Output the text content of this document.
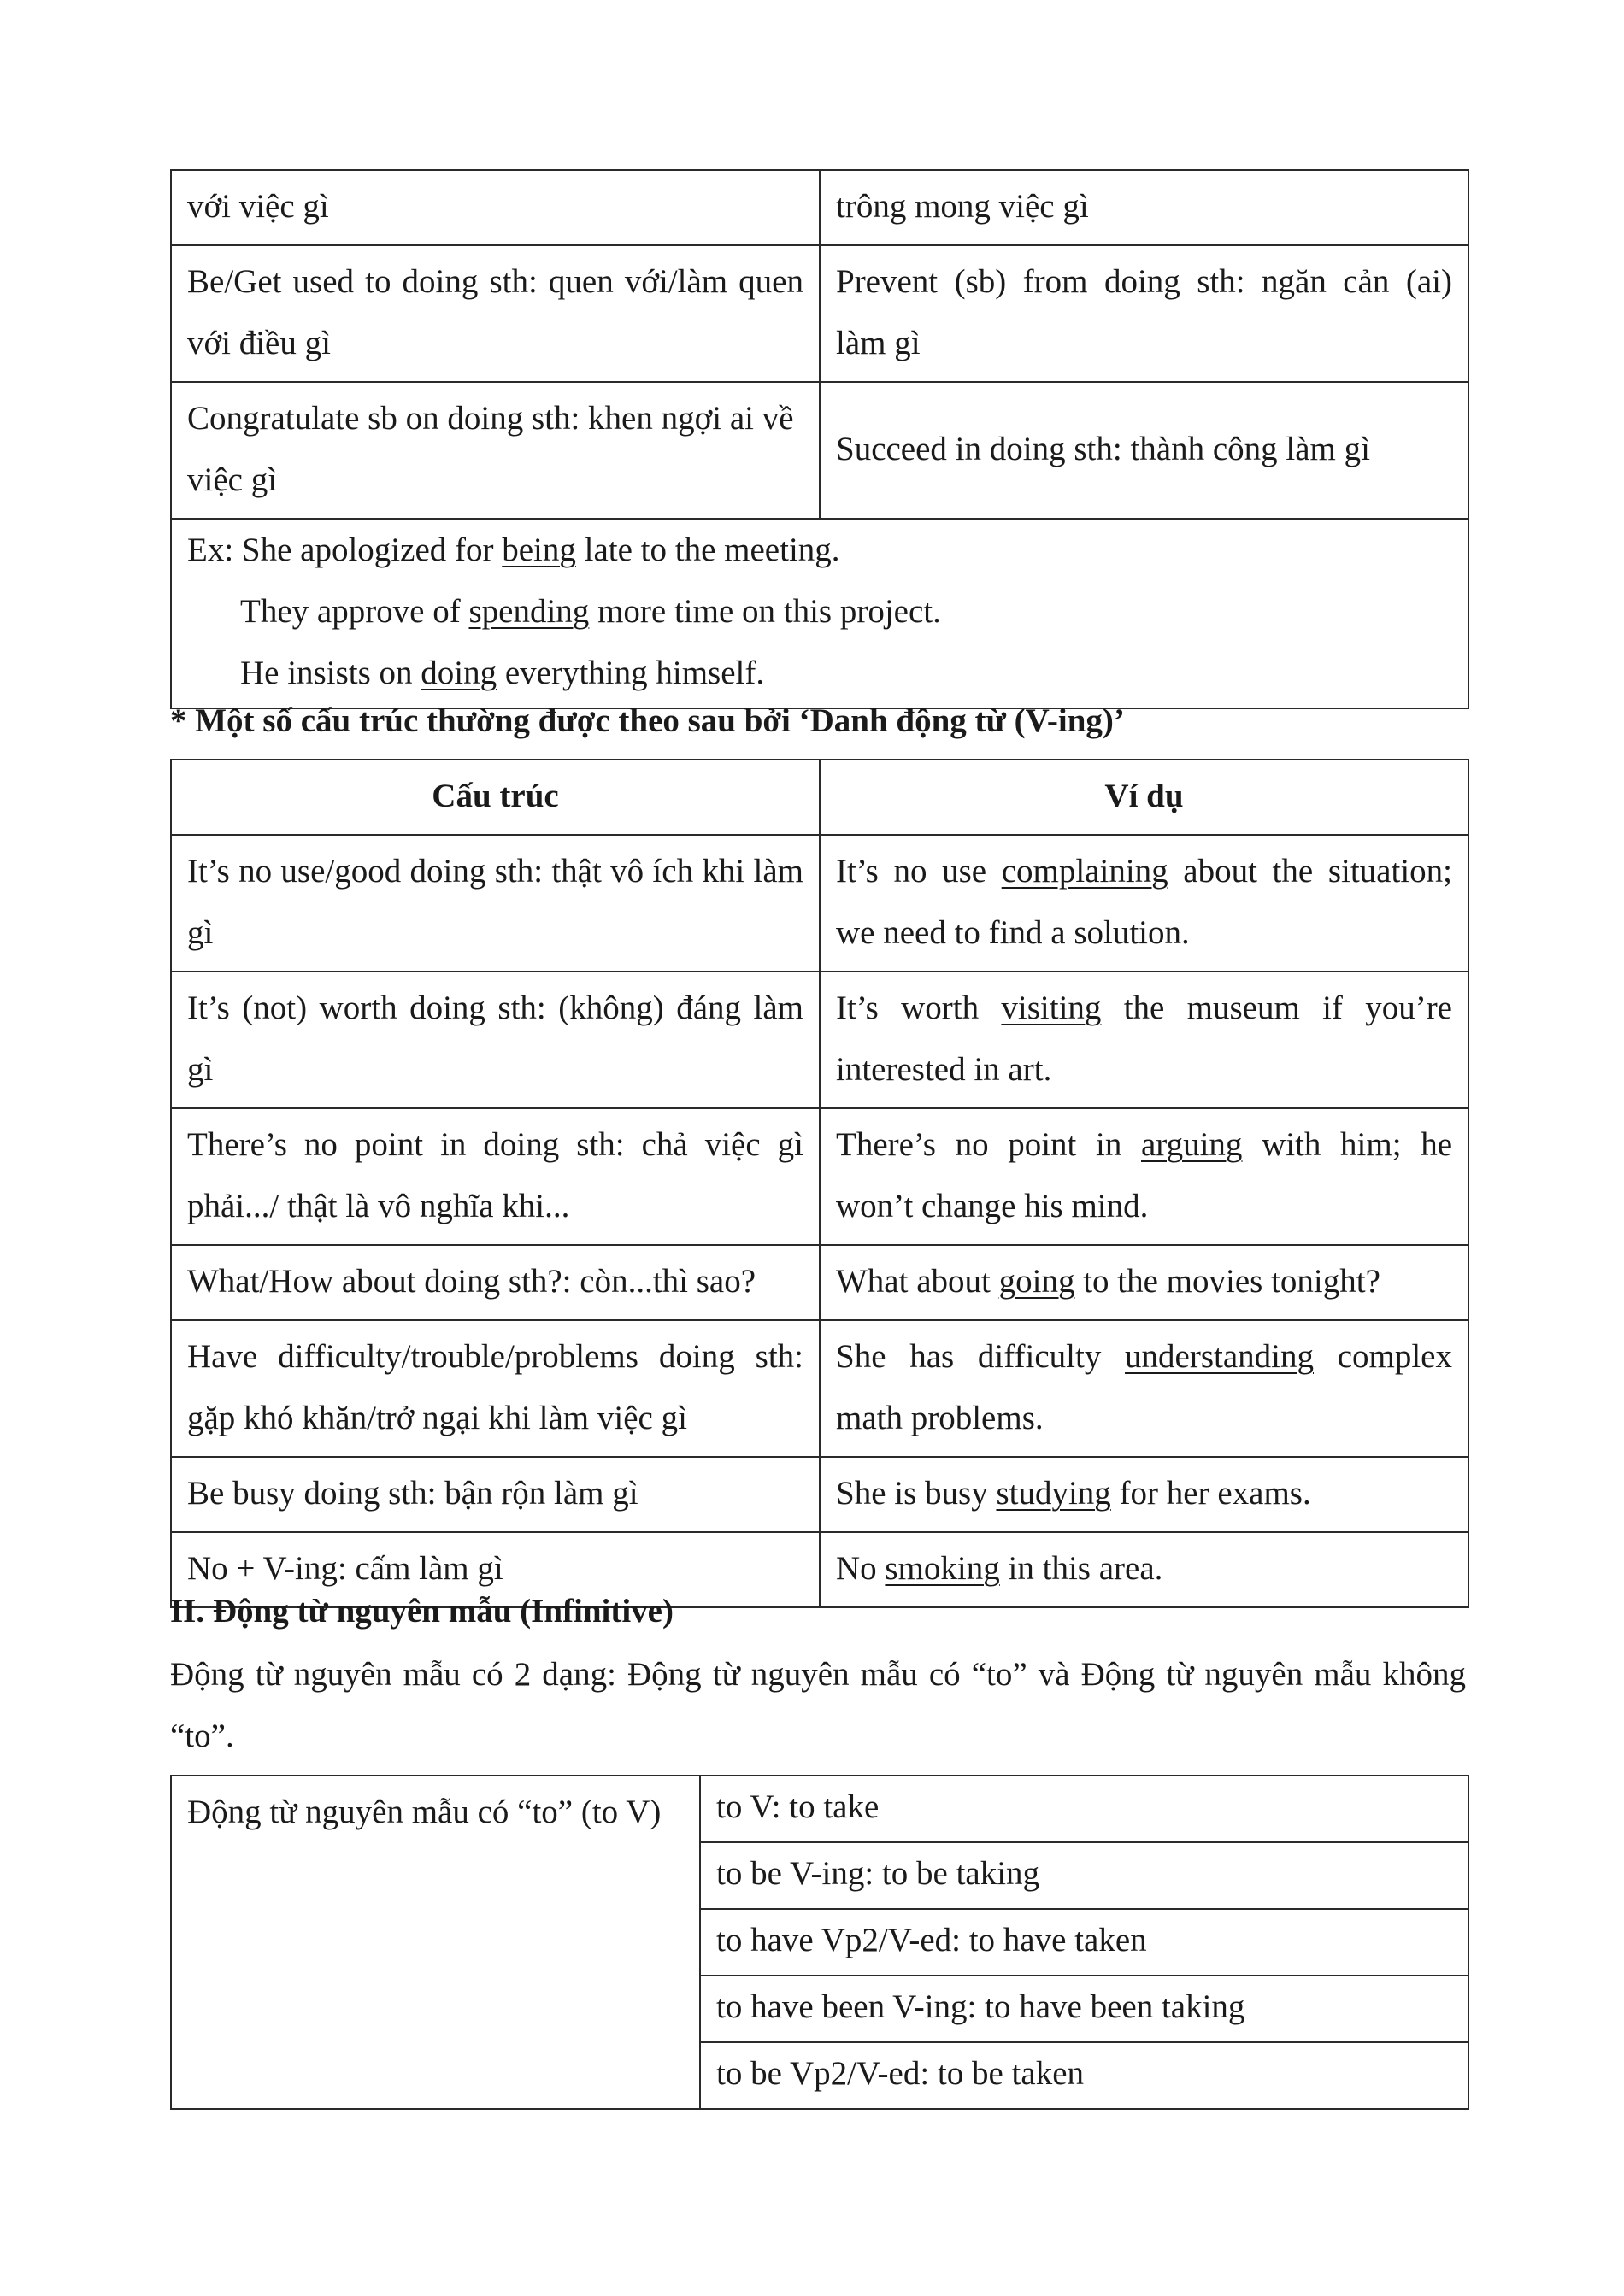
với việc gì	trông mong việc gì
Be/Get used to doing sth: quen với/làm quen với điều gì	Prevent (sb) from doing sth: ngăn cản (ai) làm gì
Congratulate sb on doing sth: khen ngợi ai về việc gì	Succeed in doing sth: thành công làm gì

Ex: She apologized for being late to the meeting.
They approve of spending more time on this project.
He insists on doing everything himself.	
* Một số cấu trúc thường được theo sau bởi ‘Danh động từ (V-ing)’
Cấu trúc	Ví dụ
It’s no use/good doing sth: thật vô ích khi làm gì	It’s no use complaining about the situation; we need to find a solution.
It’s (not) worth doing sth: (không) đáng làm gì	It’s worth visiting the museum if you’re interested in art.
There’s no point in doing sth: chả việc gì phải.../ thật là vô nghĩa khi...	There’s no point in arguing with him; he won’t change his mind.
What/How about doing sth?: còn...thì sao?	What about going to the movies tonight?
Have difficulty/trouble/problems doing sth: gặp khó khăn/trở ngại khi làm việc gì	She has difficulty understanding complex math problems.
Be busy doing sth: bận rộn làm gì	She is busy studying for her exams.
No + V-ing: cấm làm gì	No smoking in this area.
II. Động từ nguyên mẫu (Infinitive)
Động từ nguyên mẫu có 2 dạng: Động từ nguyên mẫu có “to” và Động từ nguyên mẫu không “to”.
Động từ nguyên mẫu có “to” (to V)	to V: to take
to be V-ing: to be taking
to have Vp2/V-ed: to have taken
to have been V-ing: to have been taking
to be Vp2/V-ed: to be taken
